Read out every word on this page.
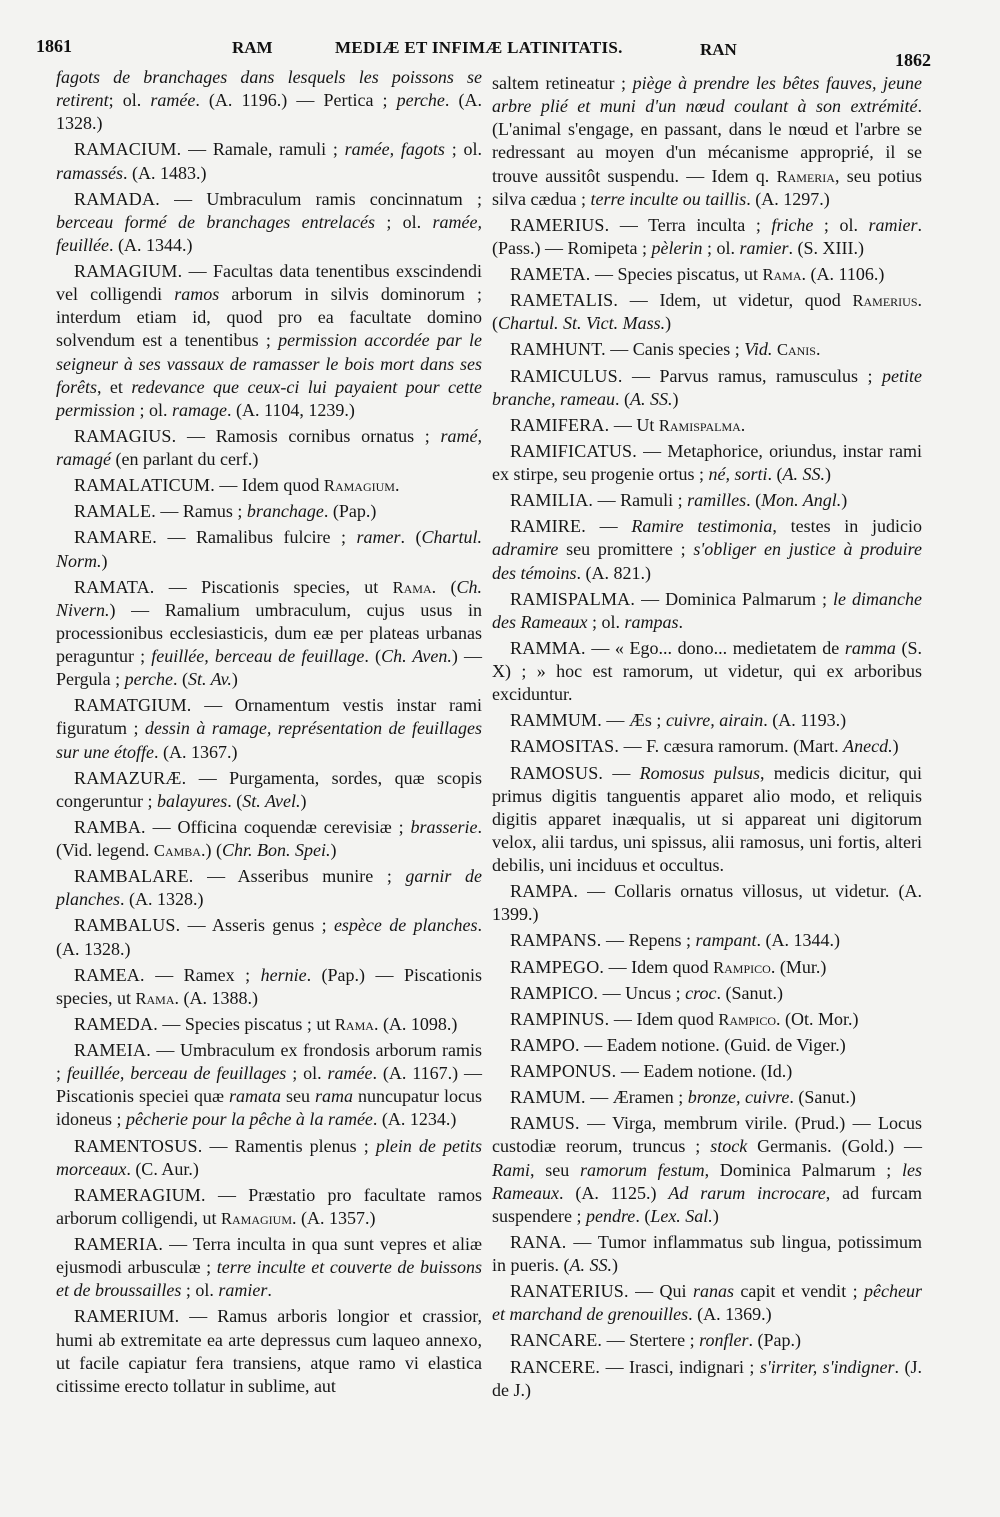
1861	RAM	MEDIÆ ET INFIMÆ LATINITATIS.	RAN
1862

fagots de branchages dans lesquels les poissons se retirent; ol. ramée. (A. 1196.) — Pertica ; perche. (A. 1328.)

RAMACIUM. — Ramale, ramuli ; ramée, fagots ; ol. ramassés. (A. 1483.)

RAMADA. — Umbraculum ramis concinnatum ; berceau formé de branchages entrelacés ; ol. ramée, feuillée. (A. 1344.)

RAMAGIUM. — Facultas data tenentibus exscindendi vel colligendi ramos arborum in silvis dominorum ; interdum etiam id, quod pro ea facultate domino solvendum est a tenentibus ; permission accordée par le seigneur à ses vassaux de ramasser le bois mort dans ses forêts, et redevance que ceux-ci lui payaient pour cette permission ; ol. ramage. (A. 1104, 1239.)

RAMAGIUS. — Ramosis cornibus ornatus ; ramé, ramagé (en parlant du cerf.)

RAMALATICUM. — Idem quod Ramagium.

RAMALE. — Ramus ; branchage. (Pap.)

RAMARE. — Ramalibus fulcire ; ramer. (Chartul. Norm.)

RAMATA. — Piscationis species, ut Rama. (Ch. Nivern.) — Ramalium umbraculum, cujus usus in processionibus ecclesiasticis, dum eæ per plateas urbanas peraguntur ; feuillée, berceau de feuillage. (Ch. Aven.) — Pergula ; perche. (St. Av.)

RAMATGIUM. — Ornamentum vestis instar rami figuratum ; dessin à ramage, représentation de feuillages sur une étoffe. (A. 1367.)

RAMAZURÆ. — Purgamenta, sordes, quæ scopis congeruntur ; balayures. (St. Avel.)

RAMBA. — Officina coquendæ cerevisiæ ; brasserie. (Vid. legend. Camba.) (Chr. Bon. Spei.)

RAMBALARE. — Asseribus munire ; garnir de planches. (A. 1328.)

RAMBALUS. — Asseris genus ; espèce de planches. (A. 1328.)

RAMEA. — Ramex ; hernie. (Pap.) — Piscationis species, ut Rama. (A. 1388.)

RAMEDA. — Species piscatus ; ut Rama. (A. 1098.)

RAMEIA. — Umbraculum ex frondosis arborum ramis ; feuillée, berceau de feuillages ; ol. ramée. (A. 1167.) — Piscationis speciei quæ ramata seu rama nuncupatur locus idoneus ; pêcherie pour la pêche à la ramée. (A. 1234.)

RAMENTOSUS. — Ramentis plenus ; plein de petits morceaux. (C. Aur.)

RAMERAGIUM. — Præstatio pro facultate ramos arborum colligendi, ut Ramagium. (A. 1357.)

RAMERIA. — Terra inculta in qua sunt vepres et aliæ ejusmodi arbusculæ ; terre inculte et couverte de buissons et de broussailles ; ol. ramier.

RAMERIUM. — Ramus arboris longior et crassior, humi ab extremitate ea arte depressus cum laqueo annexo, ut facile capiatur fera transiens, atque ramo vi elastica citissime erecto tollatur in sublime, aut

saltem retineatur ; piège à prendre les bêtes fauves, jeune arbre plié et muni d'un nœud coulant à son extrémité. (L'animal s'engage, en passant, dans le nœud et l'arbre se redressant au moyen d'un mécanisme approprié, il se trouve aussitôt suspendu. — Idem q. Rameria, seu potius silva cædua ; terre inculte ou taillis. (A. 1297.)

RAMERIUS. — Terra inculta ; friche ; ol. ramier. (Pass.) — Romipeta ; pèlerin ; ol. ramier. (S. XIII.)

RAMETA. — Species piscatus, ut Rama. (A. 1106.)

RAMETALIS. — Idem, ut videtur, quod Ramerius. (Chartul. St. Vict. Mass.)

RAMHUNT. — Canis species ; Vid. Canis.

RAMICULUS. — Parvus ramus, ramusculus ; petite branche, rameau. (A. SS.)

RAMIFERA. — Ut Ramispalma.

RAMIFICATUS. — Metaphorice, oriundus, instar rami ex stirpe, seu progenie ortus ; né, sorti. (A. SS.)

RAMILIA. — Ramuli ; ramilles. (Mon. Angl.)

RAMIRE. — Ramire testimonia, testes in judicio adramire seu promittere ; s'obliger en justice à produire des témoins. (A. 821.)

RAMISPALMA. — Dominica Palmarum ; le dimanche des Rameaux ; ol. rampas.

RAMMA. — « Ego... dono... medietatem de ramma (S. X) ; » hoc est ramorum, ut videtur, qui ex arboribus exciduntur.

RAMMUM. — Æs ; cuivre, airain. (A. 1193.)

RAMOSITAS. — F. cæsura ramorum. (Mart. Anecd.)

RAMOSUS. — Romosus pulsus, medicis dicitur, qui primus digitis tanguentis apparet alio modo, et reliquis digitis apparet inæqualis, ut si appareat uni digitorum velox, alii tardus, uni spissus, alii ramosus, uni fortis, alteri debilis, uni inciduus et occultus.

RAMPA. — Collaris ornatus villosus, ut videtur. (A. 1399.)

RAMPANS. — Repens ; rampant. (A. 1344.)

RAMPEGO. — Idem quod Rampico. (Mur.)

RAMPICO. — Uncus ; croc. (Sanut.)

RAMPINUS. — Idem quod Rampico. (Ot. Mor.)

RAMPO. — Eadem notione. (Guid. de Viger.)

RAMPONUS. — Eadem notione. (Id.)

RAMUM. — Æramen ; bronze, cuivre. (Sanut.)

RAMUS. — Virga, membrum virile. (Prud.) — Locus custodiæ reorum, truncus ; stock Germanis. (Gold.) — Rami, seu ramorum festum, Dominica Palmarum ; les Rameaux. (A. 1125.) Ad rarum incrocare, ad furcam suspendere ; pendre. (Lex. Sal.)

RANA. — Tumor inflammatus sub lingua, potissimum in pueris. (A. SS.)

RANATERIUS. — Qui ranas capit et vendit ; pêcheur et marchand de grenouilles. (A. 1369.)

RANCARE. — Stertere ; ronfler. (Pap.)

RANCERE. — Irasci, indignari ; s'irriter, s'indigner. (J. de J.)
